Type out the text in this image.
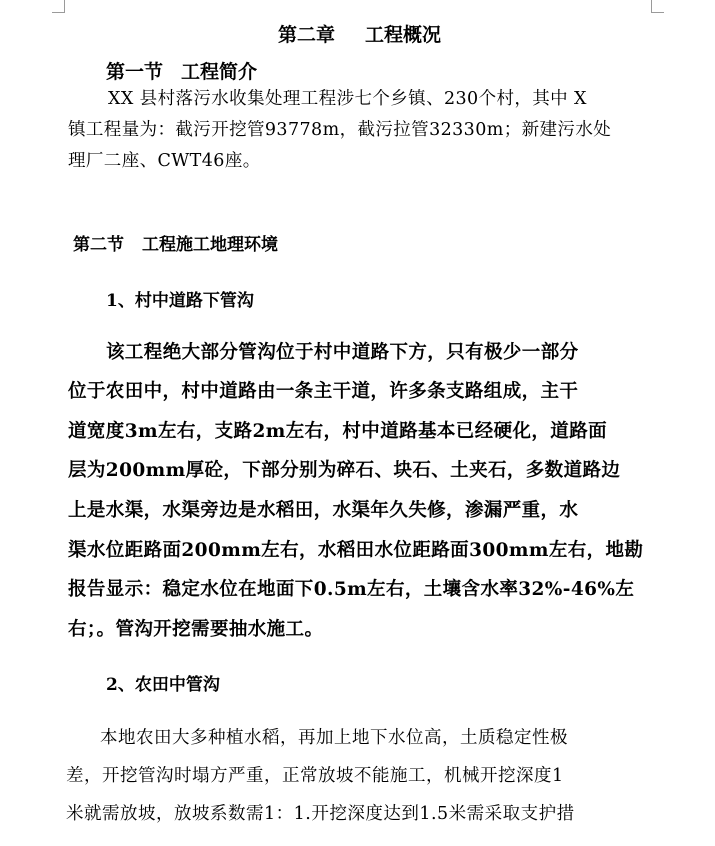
第二章 工程概况

第一节 工程简介

XX 县村落污水收集处理工程涉七个乡镇、230个村，其中 X

镇工程量为：截污开挖管93778m，截污拉管32330m；新建污水处

理厂二座、CWT46座。

第二节 工程施工地理环境

1、村中道路下管沟

该工程绝大部分管沟位于村中道路下方，只有极少一部分

位于农田中，村中道路由一条主干道，许多条支路组成，主干

道宽度3m左右，支路2m左右，村中道路基本已经硬化，道路面

层为200mm厚砼，下部分别为碎石、块石、土夹石，多数道路边

上是水渠，水渠旁边是水稻田，水渠年久失修，渗漏严重，水

渠水位距路面200mm左右，水稻田水位距路面300mm左右，地勘

报告显示：稳定水位在地面下0.5m左右，土壤含水率32%-46%左

右；。管沟开挖需要抽水施工。

2、农田中管沟

本地农田大多种植水稻，再加上地下水位高，土质稳定性极

差，开挖管沟时塌方严重，正常放坡不能施工，机械开挖深度1

米就需放坡，放坡系数需1：1.开挖深度达到1.5米需采取支护措
